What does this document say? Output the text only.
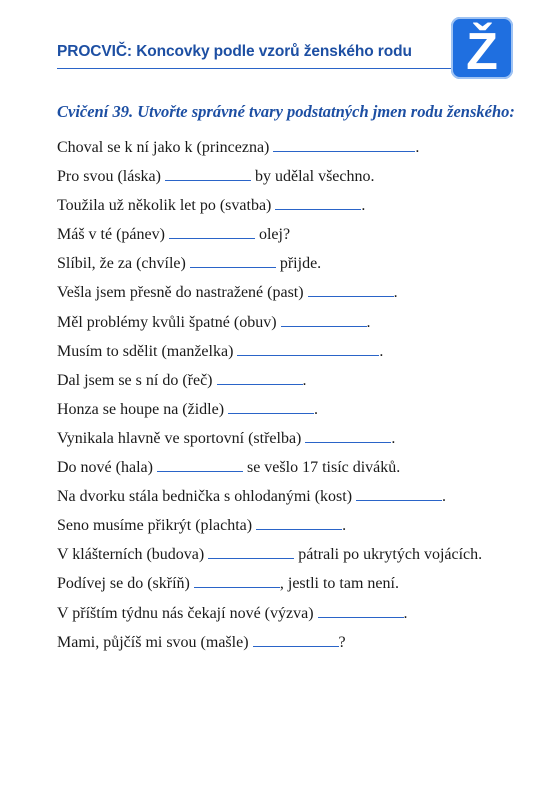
PROCVIČ: Koncovky podle vzorů ženského rodu Ž
Cvičení 39. Utvořte správné tvary podstatných jmen rodu ženského:
Choval se k ní jako k (princezna)	.
Pro svou (láska)	by udělal všechno.
Toužila už několik let po (svatba)	.
Máš v té (pánev)	olej?
Slíbil, že za (chvíle)	přijde.
Vešla jsem přesně do nastražené (past)	.
Měl problémy kvůli špatné (obuv)	.
Musím to sdělit (manželka)	.
Dal jsem se s ní do (řeč)	.
Honza se houpe na (židle)	.
Vynikala hlavně ve sportovní (střelba)	.
Do nové (hala)	se vešlo 17 tisíc diváků.
Na dvorku stála bednička s ohlodanými (kost)	.
Seno musíme přikrýt (plachta)	.
V klášterních (budova)	pátrali po ukrytých vojácích.
Podívej se do (skříň)	, jestli to tam není.
V příštím týdnu nás čekají nové (výzva)	.
Mami, půjčíš mi svou (mašle)	?
